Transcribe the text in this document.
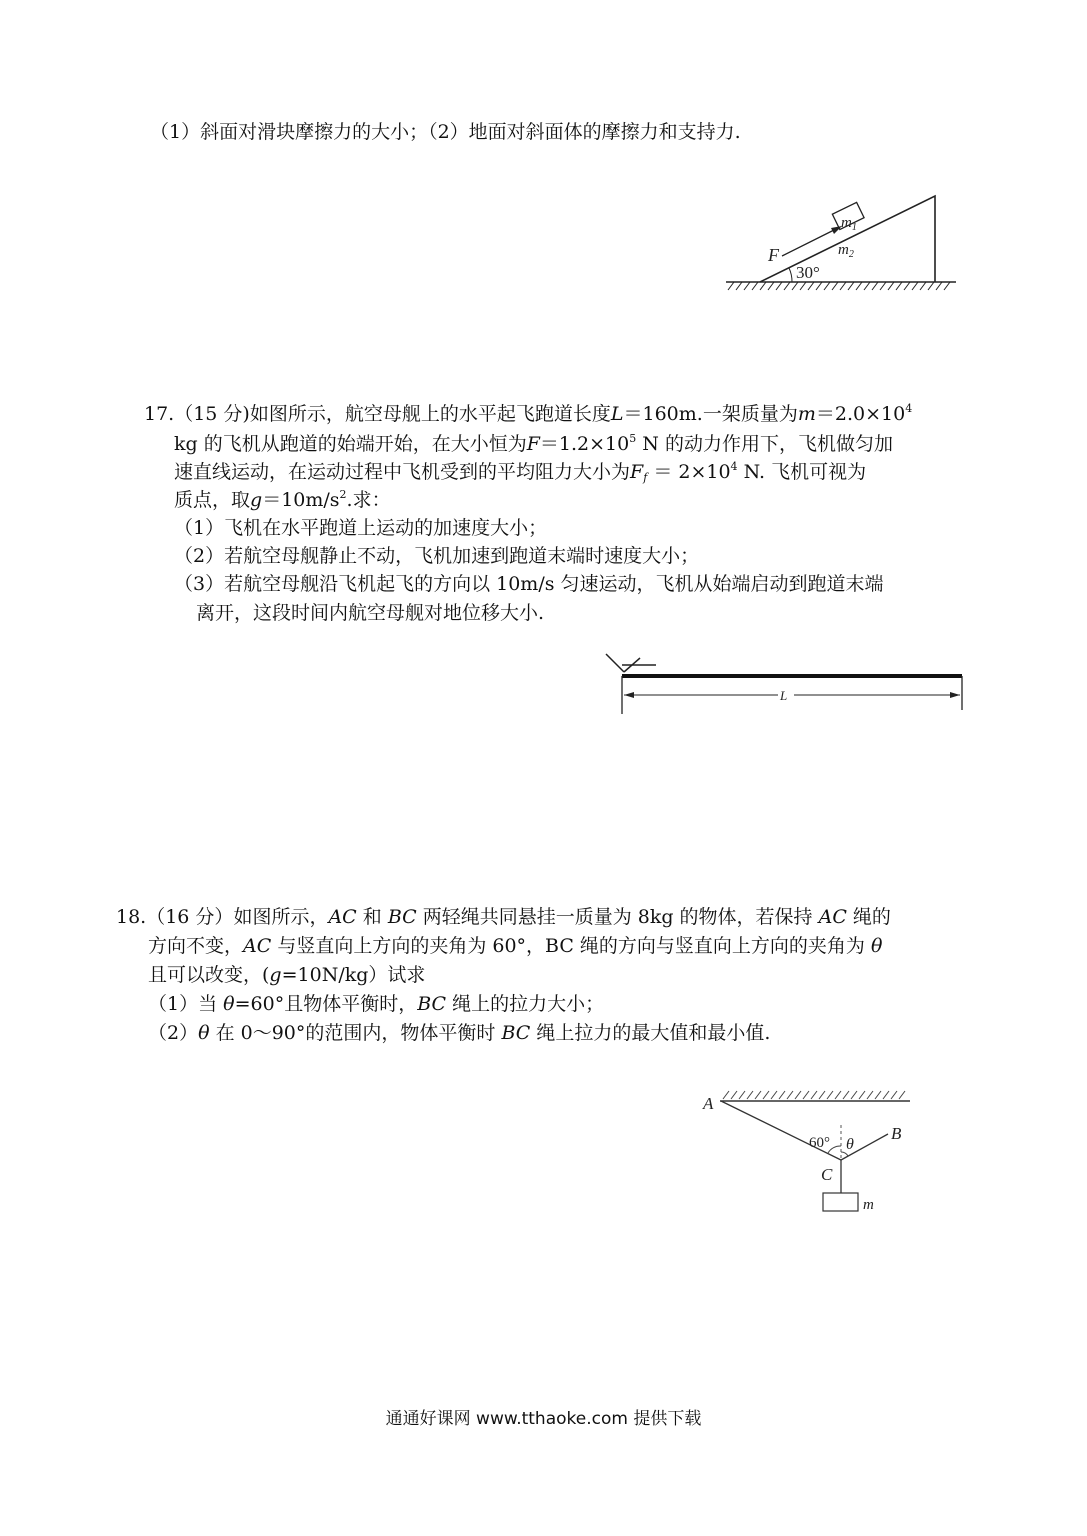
（1）斜面对滑块摩擦力的大小；（2）地面对斜面体的摩擦力和支持力.
30°
$m_1$
F	$m_2$
17.（15 分)如图所示，航空母舰上的水平起飞跑道长度L＝160m.一架质量为$m=2.0\times 10^4$
kg 的飞机从跑道的始端开始，在大小恒为$F=1.2\times 10^5$ N 的动力作用下，飞机做匀加
速直线运动，在运动过程中飞机受到的平均阻力大小为$F_f = 2\times 10^4$ N. 飞机可视为
质点，取$g=10m/s^2$.求：
（1）飞机在水平跑道上运动的加速度大小；
（2）若航空母舰静止不动，飞机加速到跑道末端时速度大小；
（3）若航空母舰沿飞机起飞的方向以 10m/s 匀速运动，飞机从始端启动到跑道末端
离开，这段时间内航空母舰对地位移大小.
L
18.（16 分）如图所示，AC 和 BC 两轻绳共同悬挂一质量为 8kg 的物体，若保持 AC 绳的
方向不变，AC 与竖直向上方向的夹角为 60°，BC 绳的方向与竖直向上方向的夹角为 θ
且可以改变，(g=10N/kg）试求
（1）当 θ=60°且物体平衡时，BC 绳上的拉力大小；
（2）θ 在 0～90°的范围内，物体平衡时 BC 绳上拉力的最大值和最小值.
A
B
C
m
60° θ
通通好课网 www.tthaoke.com 提供下载
